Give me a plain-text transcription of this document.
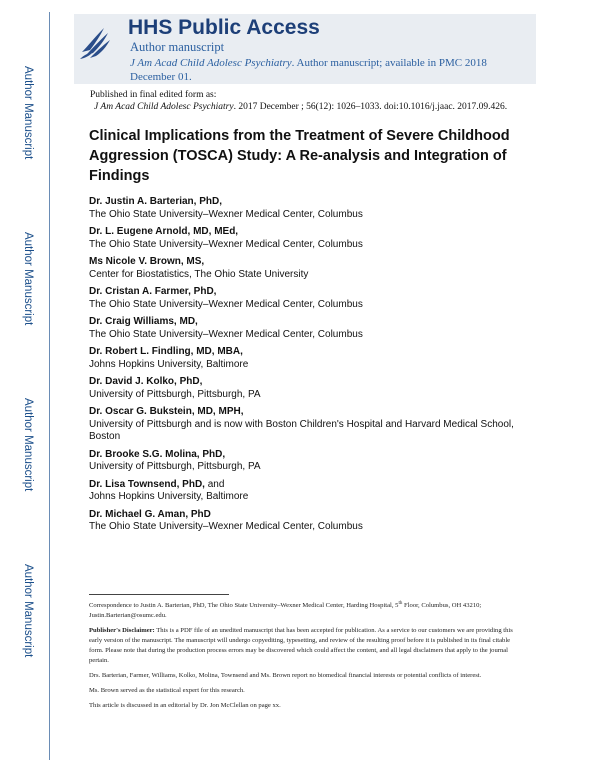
Author Manuscript
Author Manuscript
Author Manuscript
Author Manuscript
HHS Public Access
Author manuscript
J Am Acad Child Adolesc Psychiatry. Author manuscript; available in PMC 2018 December 01.
Published in final edited form as:
J Am Acad Child Adolesc Psychiatry. 2017 December ; 56(12): 1026–1033. doi:10.1016/j.jaac. 2017.09.426.
Clinical Implications from the Treatment of Severe Childhood Aggression (TOSCA) Study: A Re-analysis and Integration of Findings
Dr. Justin A. Barterian, PhD,
The Ohio State University–Wexner Medical Center, Columbus
Dr. L. Eugene Arnold, MD, MEd,
The Ohio State University–Wexner Medical Center, Columbus
Ms Nicole V. Brown, MS,
Center for Biostatistics, The Ohio State University
Dr. Cristan A. Farmer, PhD,
The Ohio State University–Wexner Medical Center, Columbus
Dr. Craig Williams, MD,
The Ohio State University–Wexner Medical Center, Columbus
Dr. Robert L. Findling, MD, MBA,
Johns Hopkins University, Baltimore
Dr. David J. Kolko, PhD,
University of Pittsburgh, Pittsburgh, PA
Dr. Oscar G. Bukstein, MD, MPH,
University of Pittsburgh and is now with Boston Children's Hospital and Harvard Medical School, Boston
Dr. Brooke S.G. Molina, PhD,
University of Pittsburgh, Pittsburgh, PA
Dr. Lisa Townsend, PhD, and
Johns Hopkins University, Baltimore
Dr. Michael G. Aman, PhD
The Ohio State University–Wexner Medical Center, Columbus

Correspondence to Justin A. Barterian, PhD, The Ohio State University–Wexner Medical Center, Harding Hospital, 5th Floor, Columbus, OH 43210; Justin.Barterian@osumc.edu.

Publisher's Disclaimer: This is a PDF file of an unedited manuscript that has been accepted for publication. As a service to our customers we are providing this early version of the manuscript. The manuscript will undergo copyediting, typesetting, and review of the resulting proof before it is published in its final citable form. Please note that during the production process errors may be discovered which could affect the content, and all legal disclaimers that apply to the journal pertain.

Drs. Barterian, Farmer, Williams, Kolko, Molina, Townsend and Ms. Brown report no biomedical financial interests or potential conflicts of interest.

Ms. Brown served as the statistical expert for this research.

This article is discussed in an editorial by Dr. Jon McClellan on page xx.
